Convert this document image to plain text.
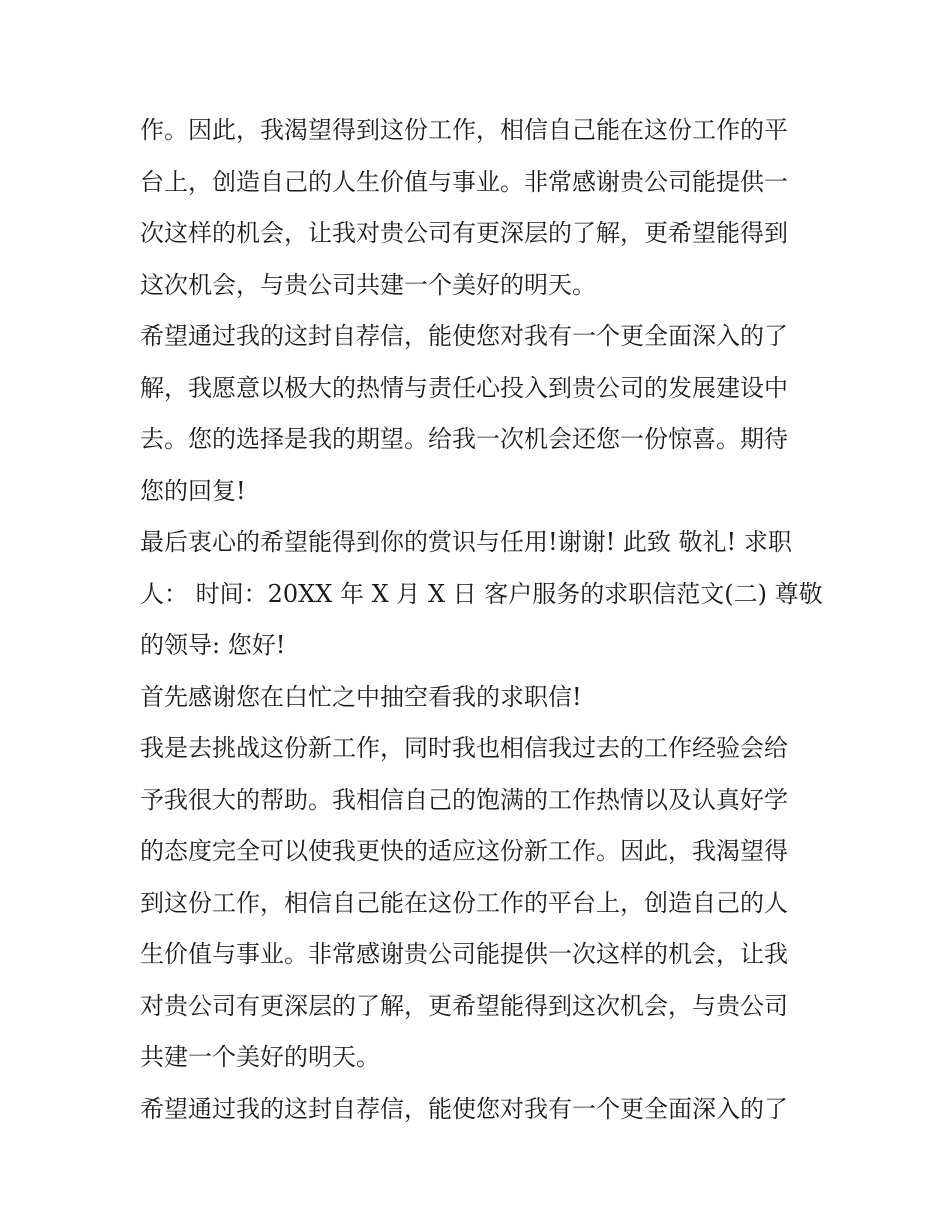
作。因此，我渴望得到这份工作，相信自己能在这份工作的平
台上，创造自己的人生价值与事业。非常感谢贵公司能提供一
次这样的机会，让我对贵公司有更深层的了解，更希望能得到
这次机会，与贵公司共建一个美好的明天。
希望通过我的这封自荐信，能使您对我有一个更全面深入的了
解，我愿意以极大的热情与责任心投入到贵公司的发展建设中
去。您的选择是我的期望。给我一次机会还您一份惊喜。期待
您的回复!
最后衷心的希望能得到你的赏识与任用!谢谢! 此致 敬礼! 求职
人： 时间：20XX 年 X 月 X 日 客户服务的求职信范文(二) 尊敬
的领导: 您好!
首先感谢您在白忙之中抽空看我的求职信!
我是去挑战这份新工作，同时我也相信我过去的工作经验会给
予我很大的帮助。我相信自己的饱满的工作热情以及认真好学
的态度完全可以使我更快的适应这份新工作。因此，我渴望得
到这份工作，相信自己能在这份工作的平台上，创造自己的人
生价值与事业。非常感谢贵公司能提供一次这样的机会，让我
对贵公司有更深层的了解，更希望能得到这次机会，与贵公司
共建一个美好的明天。
希望通过我的这封自荐信，能使您对我有一个更全面深入的了
